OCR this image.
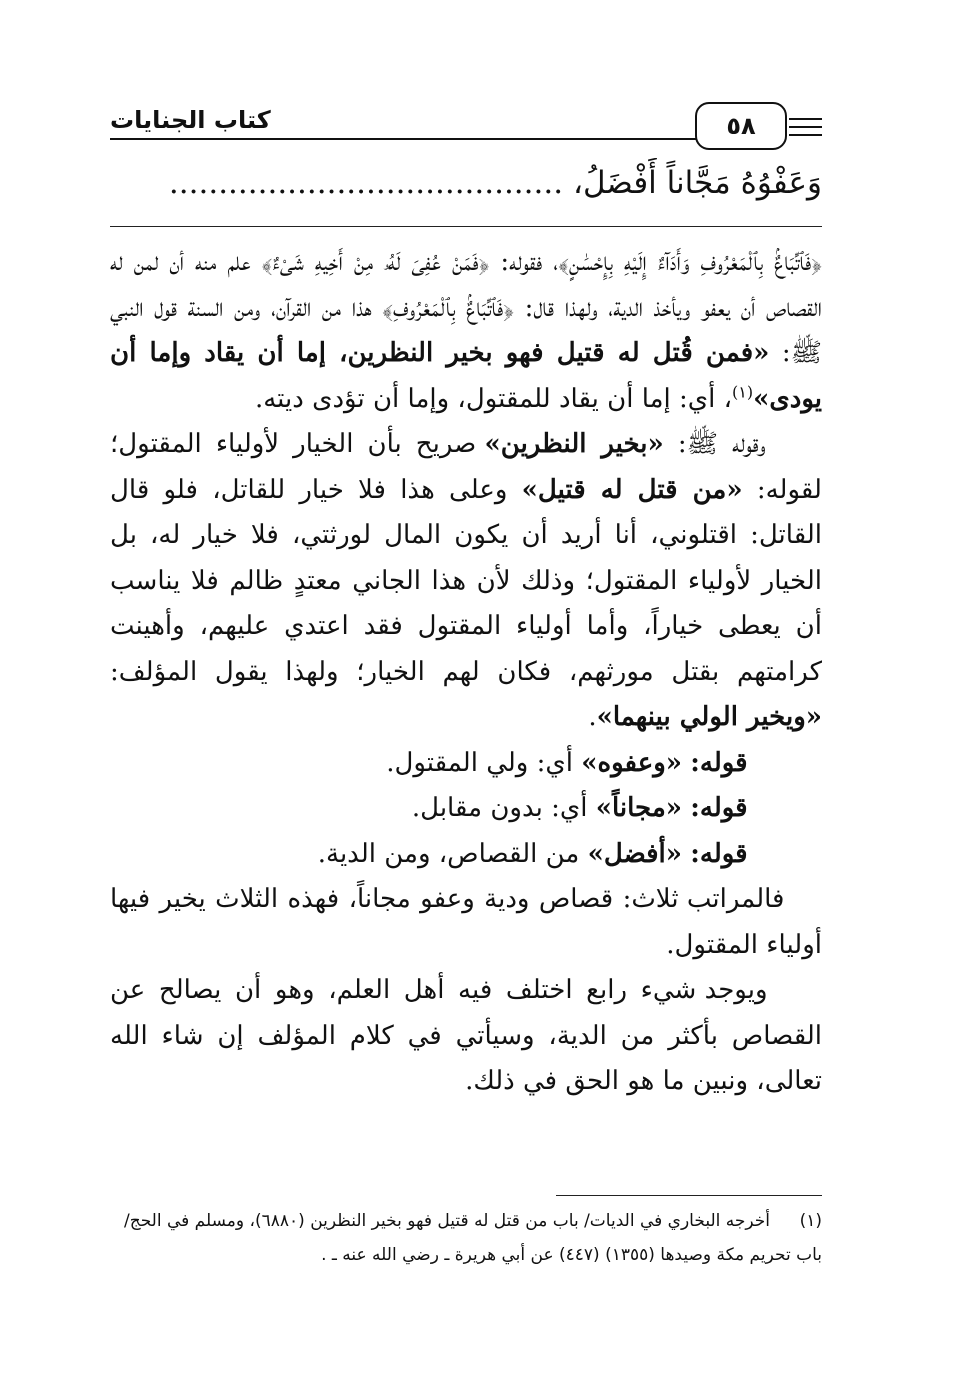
كتاب الجنايات	٥٨
وَعَفْوُهُ مَجَّاناً أَفْضَلُ، ........................................

﴿فَٱتِّبَاعٌۢ بِٱلْمَعْرُوفِ وَأَدَآءٌ إِلَيْهِ بِإِحْسَٰنٍ﴾، فقوله: ﴿فَمَنْ عُفِىَ لَهُۥ مِنْ أَخِيهِ شَىْءٌ﴾ علم منه أن لمن له القصاص أن يعفو ويأخذ الدية، ولهذا قال: ﴿فَٱتِّبَاعٌۢ بِٱلْمَعْرُوفِ﴾ هذا من القرآن، ومن السنة قول النبي ﷺ: «فمن قُتل له قتيل فهو بخير النظرين، إما أن يقاد وإما أن يودى»$^{(١)}$، أي: إما أن يقاد للمقتول، وإما أن تؤدى ديته.

وقوله ﷺ: «بخير النظرين» صريح بأن الخيار لأولياء المقتول؛ لقوله: «من قتل له قتيل» وعلى هذا فلا خيار للقاتل، فلو قال القاتل: اقتلوني، أنا أريد أن يكون المال لورثتي، فلا خيار له، بل الخيار لأولياء المقتول؛ وذلك لأن هذا الجاني معتدٍ ظالم فلا يناسب أن يعطى خياراً، وأما أولياء المقتول فقد اعتدي عليهم، وأهينت كرامتهم بقتل مورثهم، فكان لهم الخيار؛ ولهذا يقول المؤلف: «ويخير الولي بينهما».

قوله: «وعفوه» أي: ولي المقتول.

قوله: «مجاناً» أي: بدون مقابل.

قوله: «أفضل» من القصاص، ومن الدية.

فالمراتب ثلاث: قصاص ودية وعفو مجاناً، فهذه الثلاث يخير فيها أولياء المقتول.

ويوجد شيء رابع اختلف فيه أهل العلم، وهو أن يصالح عن القصاص بأكثر من الدية، وسيأتي في كلام المؤلف إن شاء الله تعالى، ونبين ما هو الحق في ذلك.

(١)أخرجه البخاري في الديات/ باب من قتل له قتيل فهو بخير النظرين (٦٨٨٠)، ومسلم في الحج/ باب تحريم مكة وصيدها (١٣٥٥) (٤٤٧) عن أبي هريرة ـ رضي الله عنه ـ .
